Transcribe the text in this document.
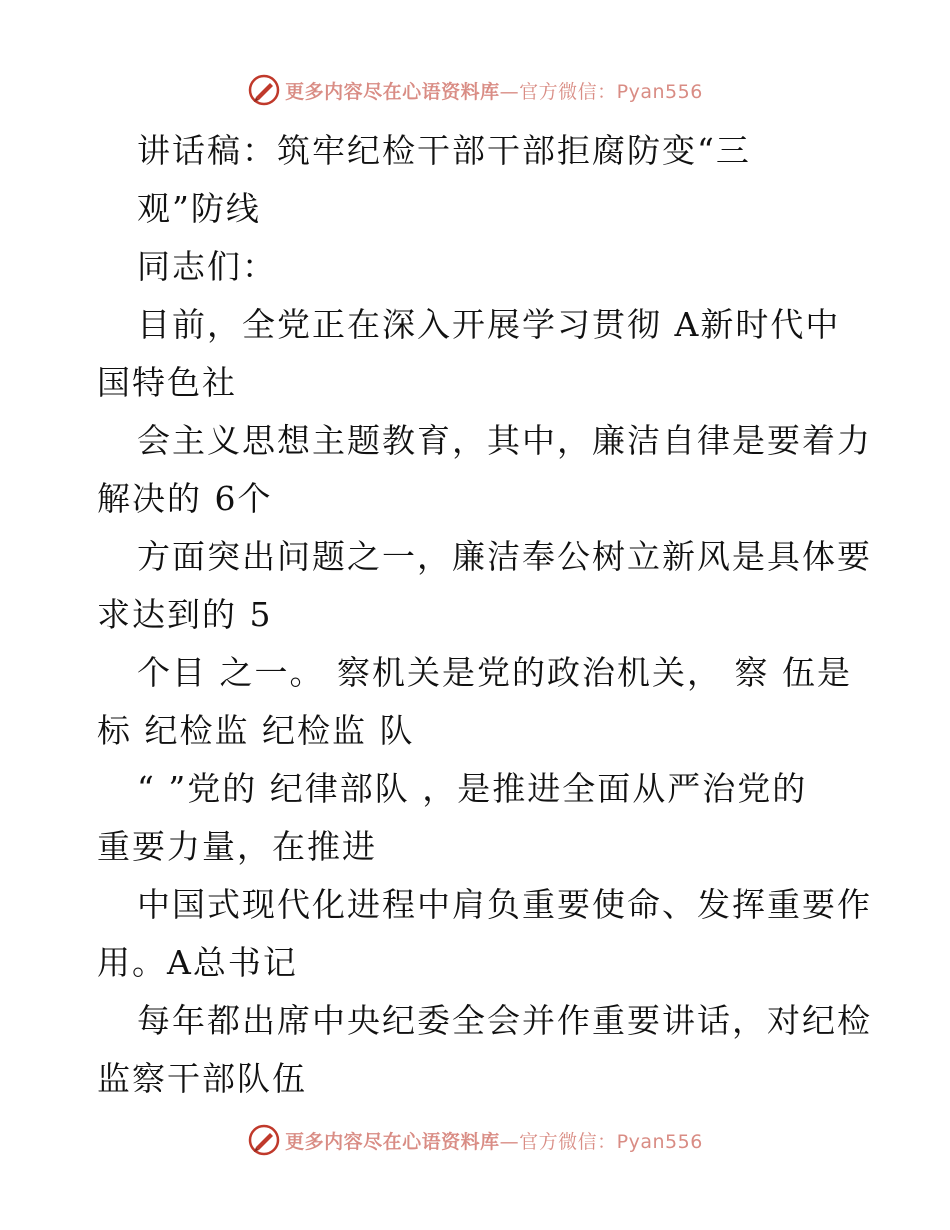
更多内容尽在心语资料库—官方微信：Pyan556
讲话稿：筑牢纪检干部干部拒腐防变“三
观”防线
同志们：
目前，全党正在深入开展学习贯彻 A新时代中
国特色社
会主义思想主题教育，其中，廉洁自律是要着力
解决的 6个
方面突出问题之一，廉洁奉公树立新风是具体要
求达到的 5
个目 之一。 察机关是党的政治机关， 察 伍是
标 纪检监 纪检监 队
“ ”党的 纪律部队 ，是推进全面从严治党的
重要力量，在推进
中国式现代化进程中肩负重要使命、发挥重要作
用。A总书记
每年都出席中央纪委全会并作重要讲话，对纪检
监察干部队伍
更多内容尽在心语资料库—官方微信：Pyan556
